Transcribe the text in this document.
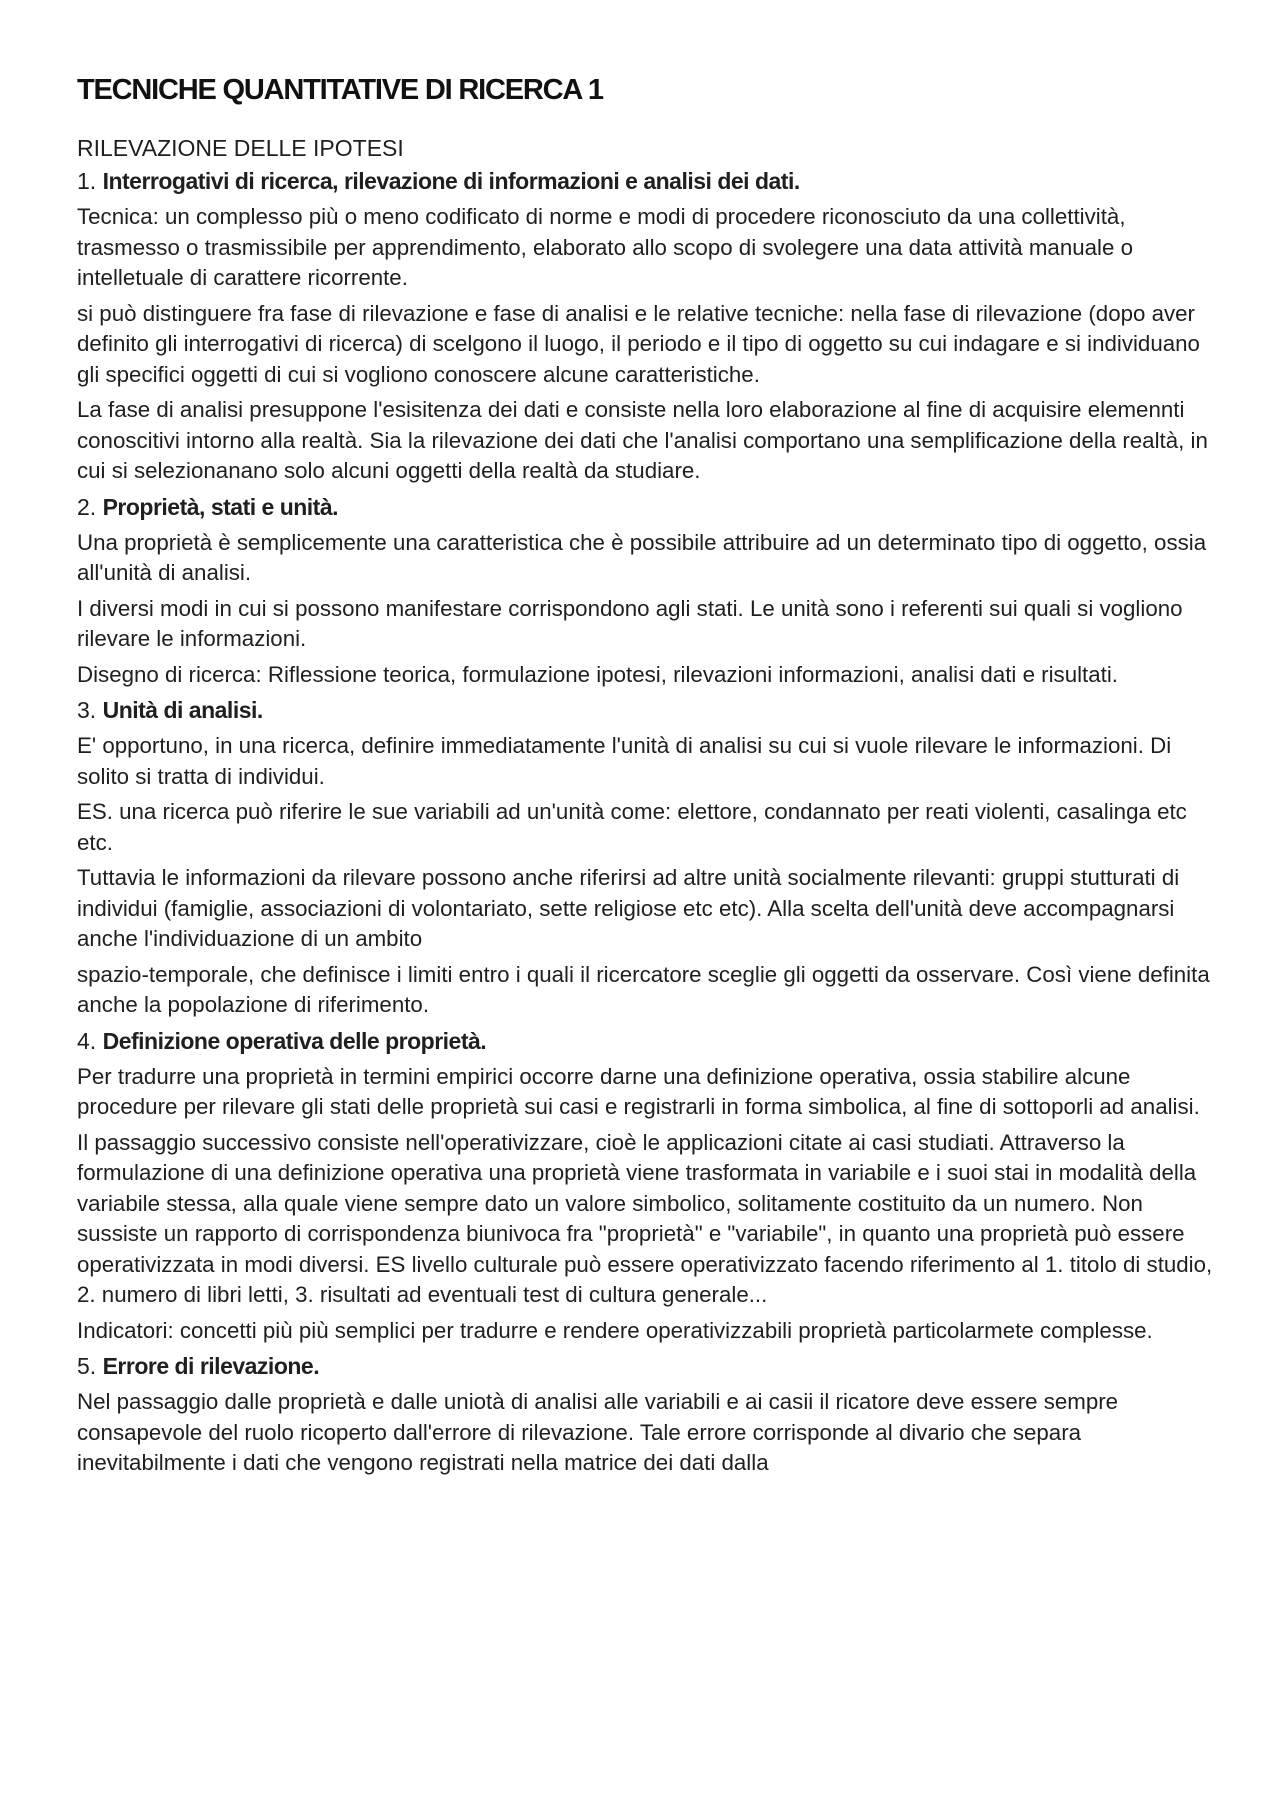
TECNICHE QUANTITATIVE DI RICERCA 1

RILEVAZIONE DELLE IPOTESI

1. Interrogativi di ricerca, rilevazione di informazioni e analisi dei dati.

Tecnica: un complesso più o meno codificato di norme e modi di procedere riconosciuto da una collettività, trasmesso o trasmissibile per apprendimento, elaborato allo scopo di svolegere una data attività manuale o intelletuale di carattere ricorrente.

si può distinguere fra fase di rilevazione e fase di analisi e le relative tecniche: nella fase di rilevazione (dopo aver definito gli interrogativi di ricerca) di scelgono il luogo, il periodo e il tipo di oggetto su cui indagare e si individuano gli specifici oggetti di cui si vogliono conoscere alcune caratteristiche.

La fase di analisi presuppone l'esisitenza dei dati e consiste nella loro elaborazione al fine di acquisire elemennti conoscitivi intorno alla realtà. Sia la rilevazione dei dati che l'analisi comportano una semplificazione della realtà, in cui si selezionanano solo alcuni oggetti della realtà da studiare.

2. Proprietà, stati e unità.

Una proprietà è semplicemente una caratteristica che è possibile attribuire ad un determinato tipo di oggetto, ossia all'unità di analisi.

I diversi modi in cui si possono manifestare corrispondono agli stati. Le unità sono i referenti sui quali si vogliono rilevare le informazioni.

Disegno di ricerca: Riflessione teorica, formulazione ipotesi, rilevazioni informazioni, analisi dati e risultati.

3. Unità di analisi.

E' opportuno, in una ricerca, definire immediatamente l'unità di analisi su cui si vuole rilevare le informazioni. Di solito si tratta di individui.

ES. una ricerca può riferire le sue variabili ad un'unità come: elettore, condannato per reati violenti, casalinga etc etc.

Tuttavia le informazioni da rilevare possono anche riferirsi ad altre unità socialmente rilevanti: gruppi stutturati di individui (famiglie, associazioni di volontariato, sette religiose etc etc). Alla scelta dell'unità deve accompagnarsi anche l'individuazione di un ambito

spazio-temporale, che definisce i limiti entro i quali il ricercatore sceglie gli oggetti da osservare. Così viene definita anche la popolazione di riferimento.

4. Definizione operativa delle proprietà.

Per tradurre una proprietà in termini empirici occorre darne una definizione operativa, ossia stabilire alcune procedure per rilevare gli stati delle proprietà sui casi e registrarli in forma simbolica, al fine di sottoporli ad analisi.

Il passaggio successivo consiste nell'operativizzare, cioè le applicazioni citate ai casi studiati. Attraverso la formulazione di una definizione operativa una proprietà viene trasformata in variabile e i suoi stai in modalità della variabile stessa, alla quale viene sempre dato un valore simbolico, solitamente costituito da un numero. Non sussiste un rapporto di corrispondenza biunivoca fra "proprietà" e "variabile", in quanto una proprietà può essere operativizzata in modi diversi. ES livello culturale può essere operativizzato facendo riferimento al 1. titolo di studio, 2. numero di libri letti, 3. risultati ad eventuali test di cultura generale...

Indicatori: concetti più più semplici per tradurre e rendere operativizzabili proprietà particolarmete complesse.

5. Errore di rilevazione.

Nel passaggio dalle proprietà e dalle uniotà di analisi alle variabili e ai casii il ricatore deve essere sempre consapevole del ruolo ricoperto dall'errore di rilevazione. Tale errore corrisponde al divario che separa inevitabilmente i dati che vengono registrati nella matrice dei dati dalla
